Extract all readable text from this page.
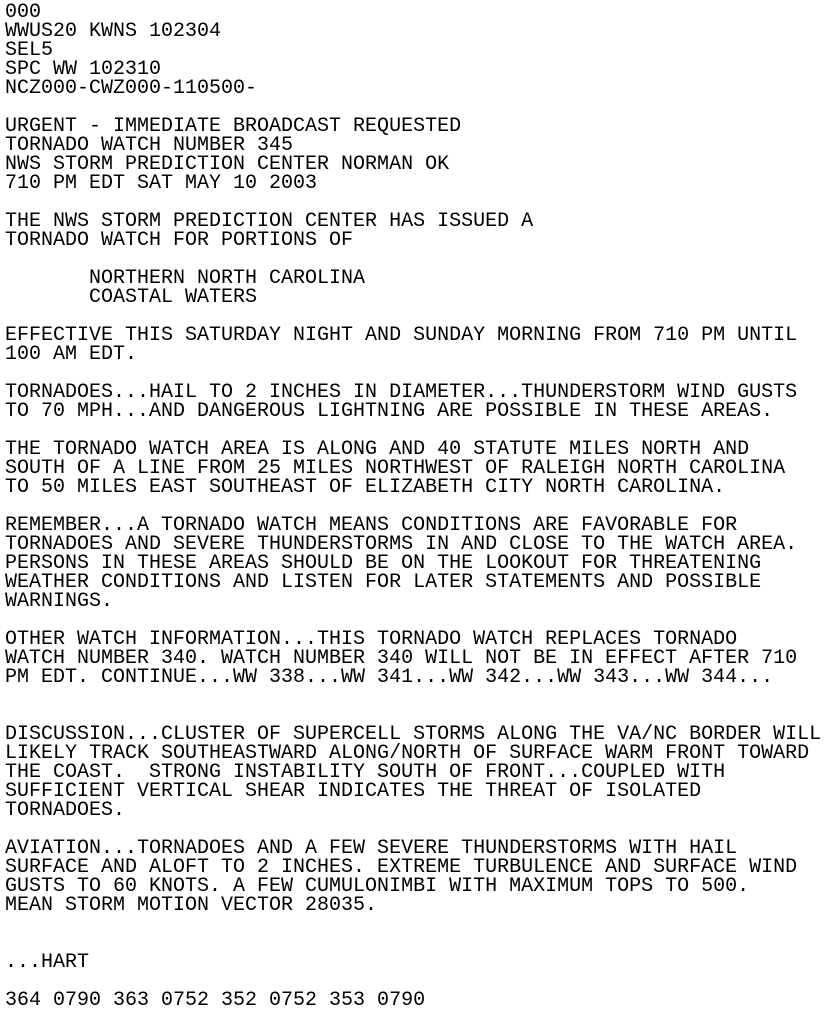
000
WWUS20 KWNS 102304
SEL5
SPC WW 102310
NCZ000-CWZ000-110500-
URGENT - IMMEDIATE BROADCAST REQUESTED
TORNADO WATCH NUMBER 345
NWS STORM PREDICTION CENTER NORMAN OK
710 PM EDT SAT MAY 10 2003
THE NWS STORM PREDICTION CENTER HAS ISSUED A
TORNADO WATCH FOR PORTIONS OF
NORTHERN NORTH CAROLINA
COASTAL WATERS
EFFECTIVE THIS SATURDAY NIGHT AND SUNDAY MORNING FROM 710 PM UNTIL
100 AM EDT.
TORNADOES...HAIL TO 2 INCHES IN DIAMETER...THUNDERSTORM WIND GUSTS
TO 70 MPH...AND DANGEROUS LIGHTNING ARE POSSIBLE IN THESE AREAS.
THE TORNADO WATCH AREA IS ALONG AND 40 STATUTE MILES NORTH AND
SOUTH OF A LINE FROM 25 MILES NORTHWEST OF RALEIGH NORTH CAROLINA
TO 50 MILES EAST SOUTHEAST OF ELIZABETH CITY NORTH CAROLINA.
REMEMBER...A TORNADO WATCH MEANS CONDITIONS ARE FAVORABLE FOR
TORNADOES AND SEVERE THUNDERSTORMS IN AND CLOSE TO THE WATCH AREA.
PERSONS IN THESE AREAS SHOULD BE ON THE LOOKOUT FOR THREATENING
WEATHER CONDITIONS AND LISTEN FOR LATER STATEMENTS AND POSSIBLE
WARNINGS.
OTHER WATCH INFORMATION...THIS TORNADO WATCH REPLACES TORNADO
WATCH NUMBER 340. WATCH NUMBER 340 WILL NOT BE IN EFFECT AFTER 710
PM EDT. CONTINUE...WW 338...WW 341...WW 342...WW 343...WW 344...
DISCUSSION...CLUSTER OF SUPERCELL STORMS ALONG THE VA/NC BORDER WILL
LIKELY TRACK SOUTHEASTWARD ALONG/NORTH OF SURFACE WARM FRONT TOWARD
THE COAST.  STRONG INSTABILITY SOUTH OF FRONT...COUPLED WITH
SUFFICIENT VERTICAL SHEAR INDICATES THE THREAT OF ISOLATED
TORNADOES.
AVIATION...TORNADOES AND A FEW SEVERE THUNDERSTORMS WITH HAIL
SURFACE AND ALOFT TO 2 INCHES. EXTREME TURBULENCE AND SURFACE WIND
GUSTS TO 60 KNOTS. A FEW CUMULONIMBI WITH MAXIMUM TOPS TO 500.
MEAN STORM MOTION VECTOR 28035.
...HART
364 0790 363 0752 352 0752 353 0790
